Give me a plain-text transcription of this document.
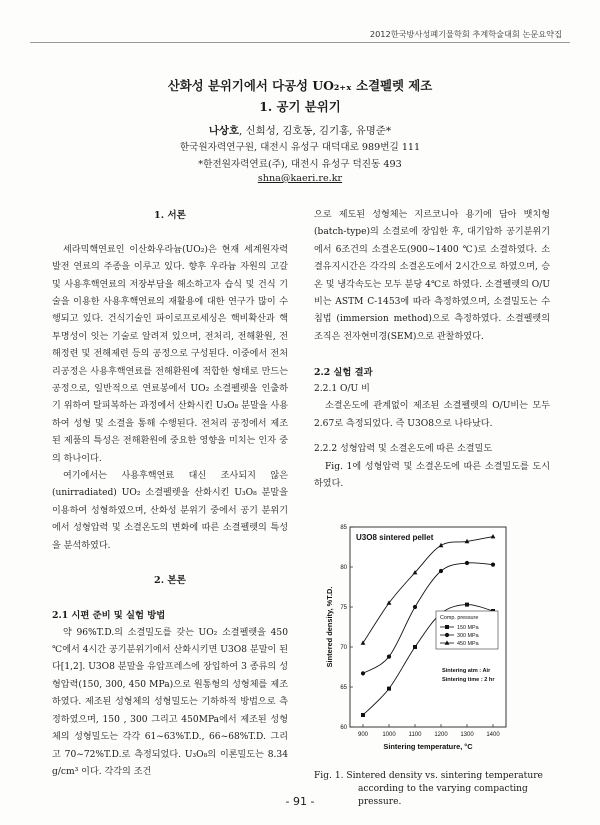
2012한국방사성폐기물학회 추계학술대회 논문요약집
산화성 분위기에서 다공성 UO₂₊ₓ 소결펠렛 제조
1. 공기 분위기
나상호, 신희성, 김호동, 김기홍, 유명준*
한국원자력연구원, 대전시 유성구 대덕대로 989번길 111
*한전원자력연료(주), 대전시 유성구 덕진동 493
shna@kaeri.re.kr
1. 서론

세라믹핵연료인 이산화우라늄(UO₂)은 현재 세계원자력발전 연료의 주종을 이루고 있다. 향후 우라늄 자원의 고갈 및 사용후핵연료의 저장부담을 해소하고자 습식 및 건식 기술을 이용한 사용후핵연료의 재활용에 대한 연구가 많이 수행되고 있다. 건식기술인 파이로프로세싱은 핵비확산과 핵투명성이 잇는 기술로 알려져 있으며, 전처리, 전해환원, 전해정련 및 전해제련 등의 공정으로 구성된다. 이중에서 전처리공정은 사용후핵연료를 전해환원에 적합한 형태로 만드는 공정으로, 일반적으로 연료봉에서 UO₂ 소결펠렛을 인출하기 위하여 탈피복하는 과정에서 산화시킨 U₃O₈ 분말을 사용하여 성형 및 소결을 통해 수행된다. 전처리 공정에서 제조된 제품의 특성은 전해환원에 중요한 영향을 미치는 인자 중의 하나이다.

여기에서는 사용후핵연료 대신 조사되지 않은(unirradiated) UO₂ 소결펠렛을 산화시킨 U₃O₈ 분말을 이용하여 성형하였으며, 산화성 분위기 중에서 공기 분위기에서 성형압력 및 소결온도의 변화에 따른 소결펠렛의 특성을 분석하였다.

2. 본론
2.1 시편 준비 및 실험 방법

약 96%T.D.의 소결밀도를 갖는 UO₂ 소결펠렛을 450 ℃에서 4시간 공기분위기에서 산화시키면 U3O8 분말이 된다[1,2]. U3O8 분말을 유압프레스에 장입하여 3 종류의 성형압력(150, 300, 450 MPa)으로 원통형의 성형체를 제조하였다. 제조된 성형체의 성형밀도는 기하하적 방법으로 측정하였으며, 150 , 300 그리고 450MPa에서 제조된 성형체의 성형밀도는 각각 61~63%T.D., 66~68%T.D. 그리고 70~72%T.D.로 측정되었다. U₃O₈의 이론밀도는 8.34 g/cm³ 이다. 각각의 조건

으로 제도된 성형체는 지르코니아 용기에 담아 뱃치형(batch-type)의 소결로에 장입한 후, 대기압하 공기분위기에서 6조건의 소결온도(900~1400 ℃)로 소결하였다. 소결유지시간은 각각의 소결온도에서 2시간으로 하였으며, 승온 및 냉각속도는 모두 분당 4℃로 하였다. 소결펠렛의 O/U비는 ASTM C-1453에 따라 측정하였으며, 소결밀도는 수침법 (immersion method)으로 측정하였다. 소결펠렛의 조직은 전자현미경(SEM)으로 관찰하였다.

2.2 실험 결과
2.2.1 O/U 비

소결온도에 관계없이 제조된 소결펠렛의 O/U비는 모두 2.67로 측정되었다. 즉 U3O8으로 나타났다.

2.2.2 성형압력 및 소결온도에 따른 소결밀도

Fig. 1에 성형압력 및 소결온도에 따른 소결밀도를 도시하였다.

60
65
70
75
80
85
900 1000 1100 1200 1300 1400
U3O8 sintered pellet
Sintered density, %T.D.
Sintering temperature, °C
Comp. pressure
150 MPa
300 MPa
450 MPa
Sintering atm : Air
Sintering time : 2 hr
Fig. 1. Sintered density vs. sintering temperature
according to the varying compacting
pressure.
- 91 -
